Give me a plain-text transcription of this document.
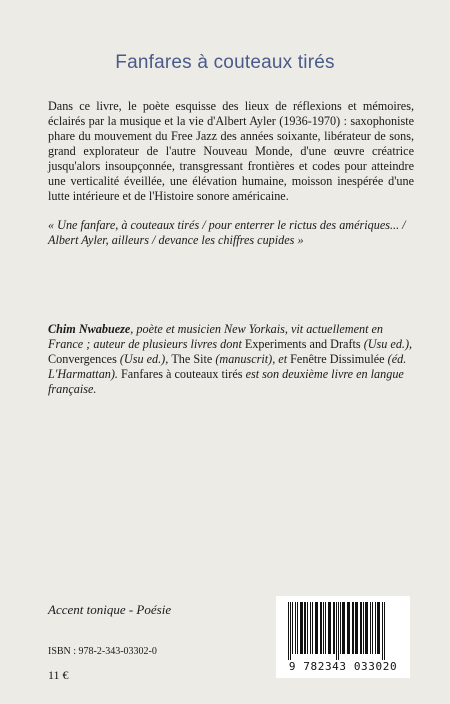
Fanfares à couteaux tirés

Dans ce livre, le poète esquisse des lieux de réflexions et mémoires, éclairés par la musique et la vie d'Albert Ayler (1936-1970) : saxophoniste phare du mouvement du Free Jazz des années soixante, libérateur de sons, grand explorateur de l'autre Nouveau Monde, d'une œuvre créatrice jusqu'alors insoupçonnée, transgressant frontières et codes pour atteindre une verticalité éveillée, une élévation humaine, moisson inespérée d'une lutte intérieure et de l'Histoire sonore américaine.

« Une fanfare, à couteaux tirés / pour enterrer le rictus des amériques... / Albert Ayler, ailleurs / devance les chiffres cupides »

Chim Nwabueze, poète et musicien New Yorkais, vit actuellement en France ; auteur de plusieurs livres dont Experiments and Drafts (Usu ed.), Convergences (Usu ed.), The Site (manuscrit), et Fenêtre Dissimulée (éd. L'Harmattan). Fanfares à couteaux tirés est son deuxième livre en langue française.

Accent tonique - Poésie
ISBN : 978-2-343-03302-0
11 €
9 782343 033020
